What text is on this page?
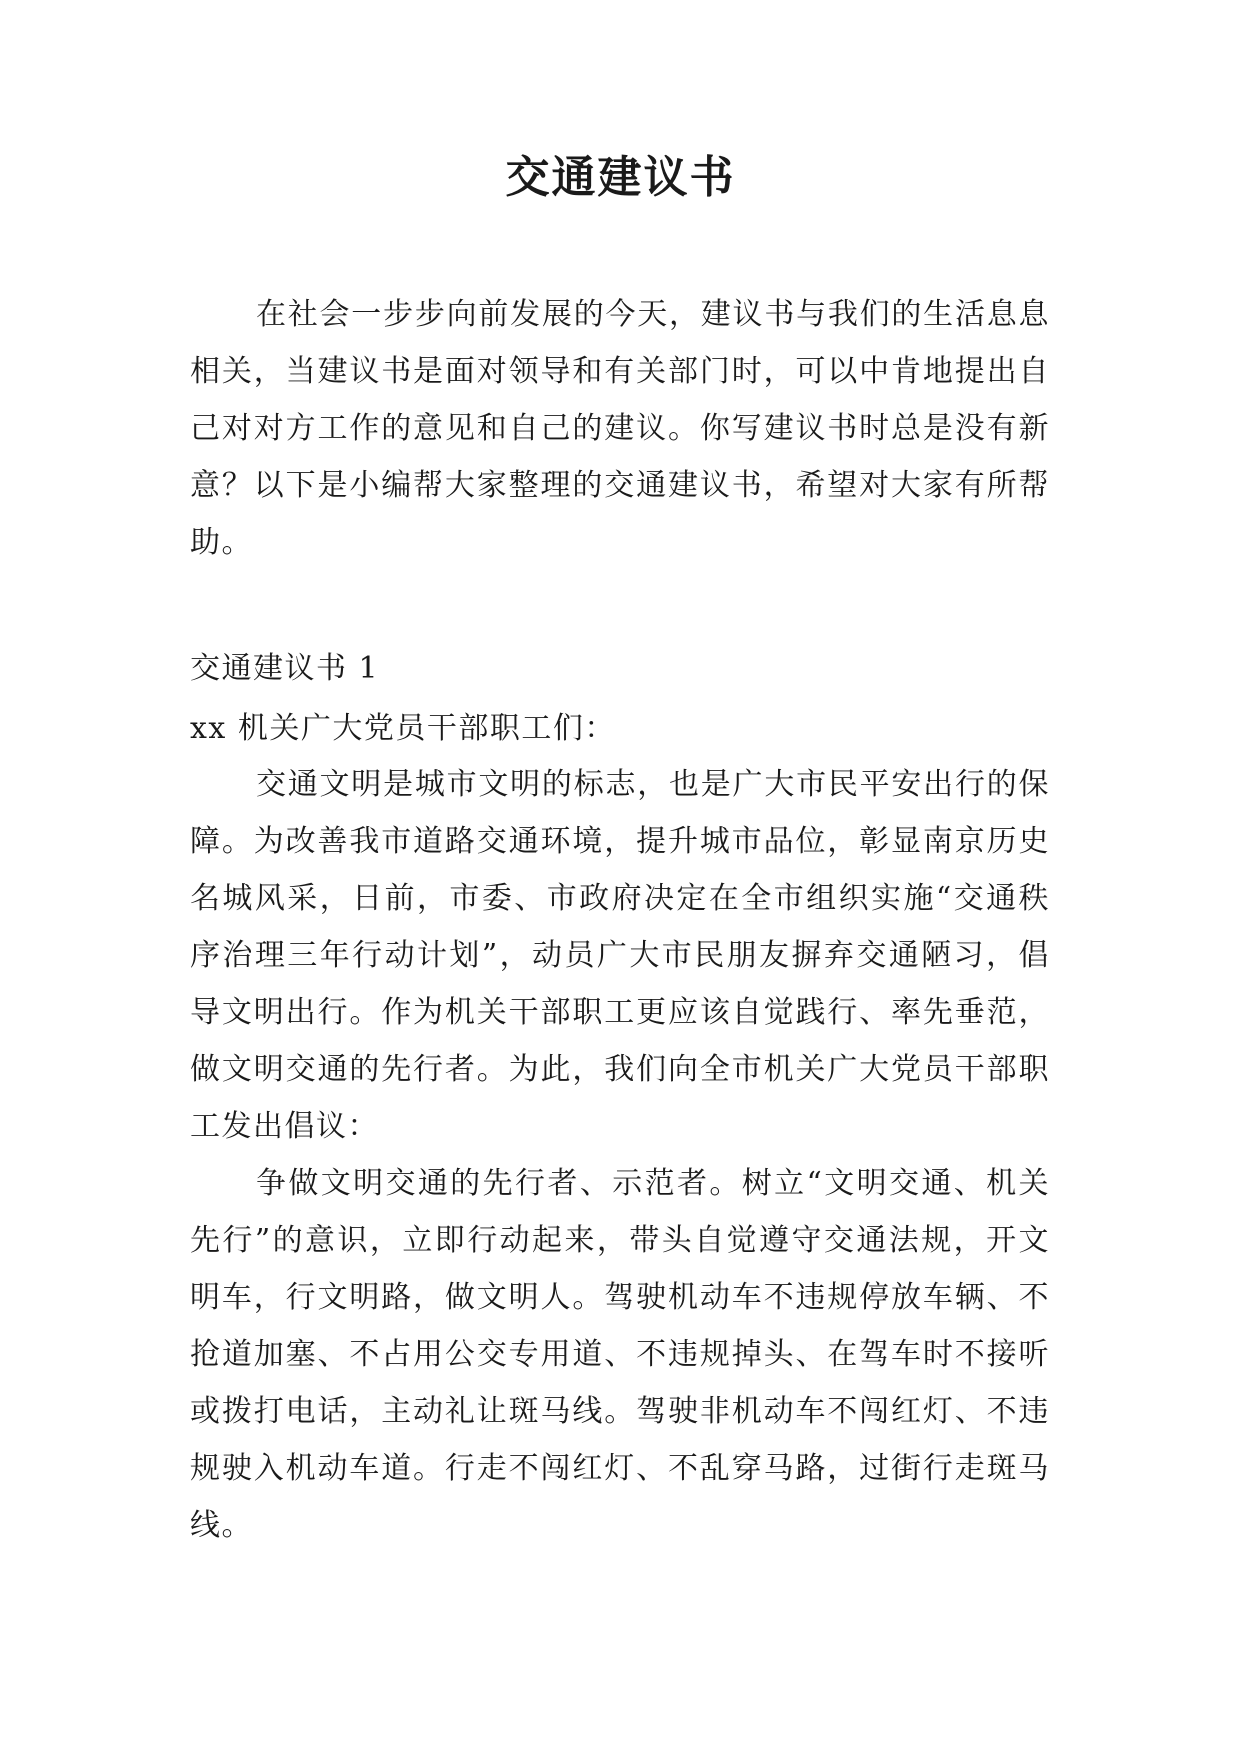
交通建议书

在社会一步步向前发展的今天，建议书与我们的生活息息相关，当建议书是面对领导和有关部门时，可以中肯地提出自己对对方工作的意见和自己的建议。你写建议书时总是没有新意？以下是小编帮大家整理的交通建议书，希望对大家有所帮助。

交通建议书 1

xx 机关广大党员干部职工们：

交通文明是城市文明的标志，也是广大市民平安出行的保障。为改善我市道路交通环境，提升城市品位，彰显南京历史名城风采，日前，市委、市政府决定在全市组织实施“交通秩序治理三年行动计划”，动员广大市民朋友摒弃交通陋习，倡导文明出行。作为机关干部职工更应该自觉践行、率先垂范，做文明交通的先行者。为此，我们向全市机关广大党员干部职工发出倡议：

争做文明交通的先行者、示范者。树立“文明交通、机关先行”的意识，立即行动起来，带头自觉遵守交通法规，开文明车，行文明路，做文明人。驾驶机动车不违规停放车辆、不抢道加塞、不占用公交专用道、不违规掉头、在驾车时不接听或拨打电话，主动礼让斑马线。驾驶非机动车不闯红灯、不违规驶入机动车道。行走不闯红灯、不乱穿马路，过街行走斑马线。
